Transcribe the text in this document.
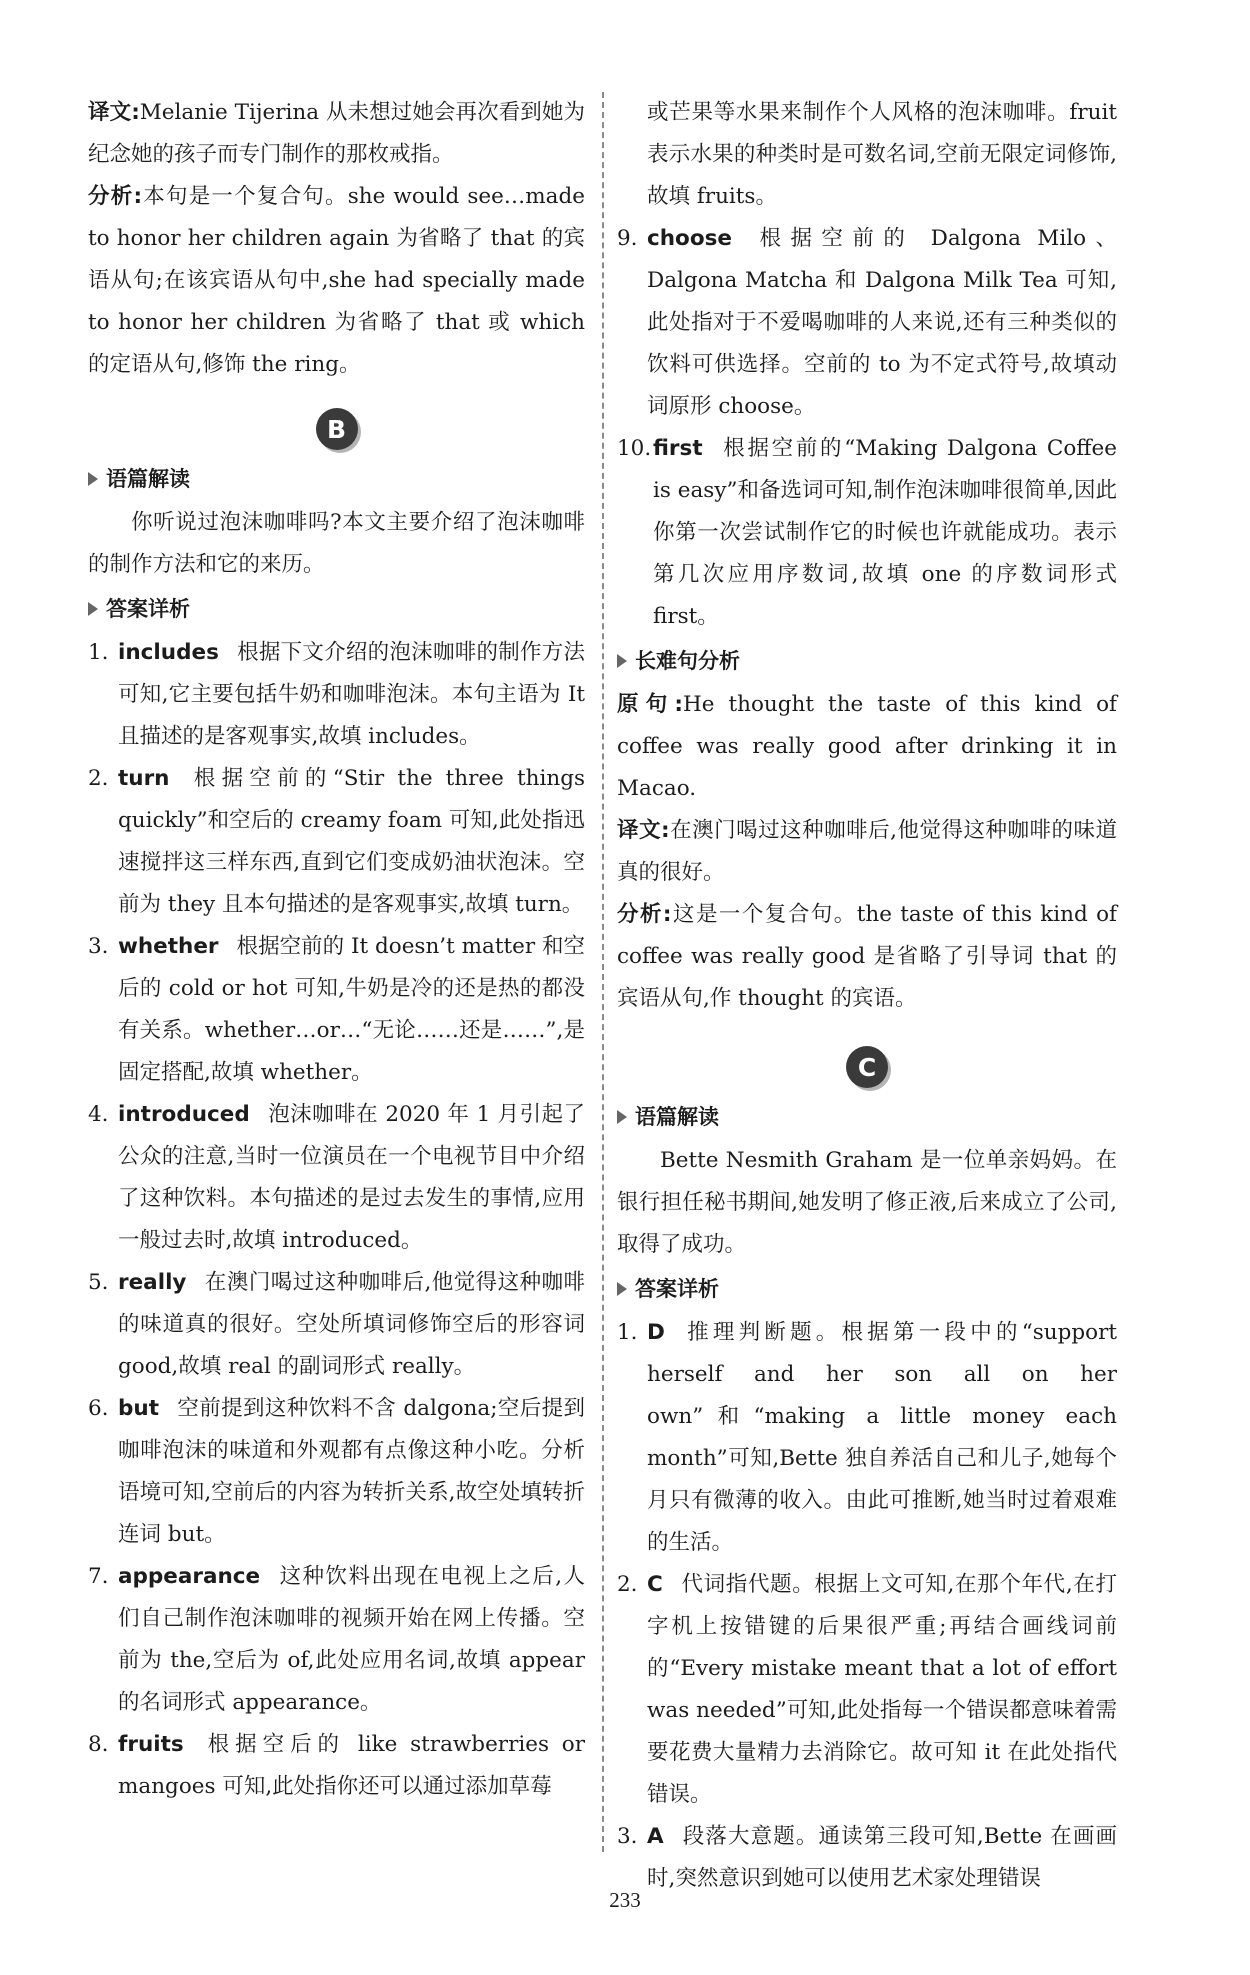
译文:Melanie Tijerina 从未想过她会再次看到她为纪念她的孩子而专门制作的那枚戒指。

分析:本句是一个复合句。she would see…made to honor her children again 为省略了 that 的宾语从句;在该宾语从句中,she had specially made to honor her children 为省略了 that 或 which 的定语从句,修饰 the ring。

B
语篇解读

你听说过泡沫咖啡吗?本文主要介绍了泡沫咖啡的制作方法和它的来历。

答案详析
1. includes 根据下文介绍的泡沫咖啡的制作方法可知,它主要包括牛奶和咖啡泡沫。本句主语为 It 且描述的是客观事实,故填 includes。

2. turn 根据空前的“Stir the three things quickly”和空后的 creamy foam 可知,此处指迅速搅拌这三样东西,直到它们变成奶油状泡沫。空前为 they 且本句描述的是客观事实,故填 turn。

3. whether 根据空前的 It doesn’t matter 和空后的 cold or hot 可知,牛奶是冷的还是热的都没有关系。whether…or…“无论……还是……”,是固定搭配,故填 whether。

4. introduced 泡沫咖啡在 2020 年 1 月引起了公众的注意,当时一位演员在一个电视节目中介绍了这种饮料。本句描述的是过去发生的事情,应用一般过去时,故填 introduced。

5. really 在澳门喝过这种咖啡后,他觉得这种咖啡的味道真的很好。空处所填词修饰空后的形容词 good,故填 real 的副词形式 really。

6. but 空前提到这种饮料不含 dalgona;空后提到咖啡泡沫的味道和外观都有点像这种小吃。分析语境可知,空前后的内容为转折关系,故空处填转折连词 but。

7. appearance 这种饮料出现在电视上之后,人们自己制作泡沫咖啡的视频开始在网上传播。空前为 the,空后为 of,此处应用名词,故填 appear 的名词形式 appearance。

8. fruits 根据空后的 like strawberries or mangoes 可知,此处指你还可以通过添加草莓

或芒果等水果来制作个人风格的泡沫咖啡。fruit 表示水果的种类时是可数名词,空前无限定词修饰,故填 fruits。

9. choose 根据空前的 Dalgona Milo、Dalgona Matcha 和 Dalgona Milk Tea 可知,此处指对于不爱喝咖啡的人来说,还有三种类似的饮料可供选择。空前的 to 为不定式符号,故填动词原形 choose。

10. first 根据空前的“Making Dalgona Coffee is easy”和备选词可知,制作泡沫咖啡很简单,因此你第一次尝试制作它的时候也许就能成功。表示第几次应用序数词,故填 one 的序数词形式 first。

长难句分析

原句:He thought the taste of this kind of coffee was really good after drinking it in Macao.

译文:在澳门喝过这种咖啡后,他觉得这种咖啡的味道真的很好。

分析:这是一个复合句。the taste of this kind of coffee was really good 是省略了引导词 that 的宾语从句,作 thought 的宾语。

C
语篇解读

Bette Nesmith Graham 是一位单亲妈妈。在银行担任秘书期间,她发明了修正液,后来成立了公司,取得了成功。

答案详析
1. D 推理判断题。根据第一段中的“support herself and her son all on her own”和“making a little money each month”可知,Bette 独自养活自己和儿子,她每个月只有微薄的收入。由此可推断,她当时过着艰难的生活。

2. C 代词指代题。根据上文可知,在那个年代,在打字机上按错键的后果很严重;再结合画线词前的“Every mistake meant that a lot of effort was needed”可知,此处指每一个错误都意味着需要花费大量精力去消除它。故可知 it 在此处指代错误。

3. A 段落大意题。通读第三段可知,Bette 在画画时,突然意识到她可以使用艺术家处理错误

233
